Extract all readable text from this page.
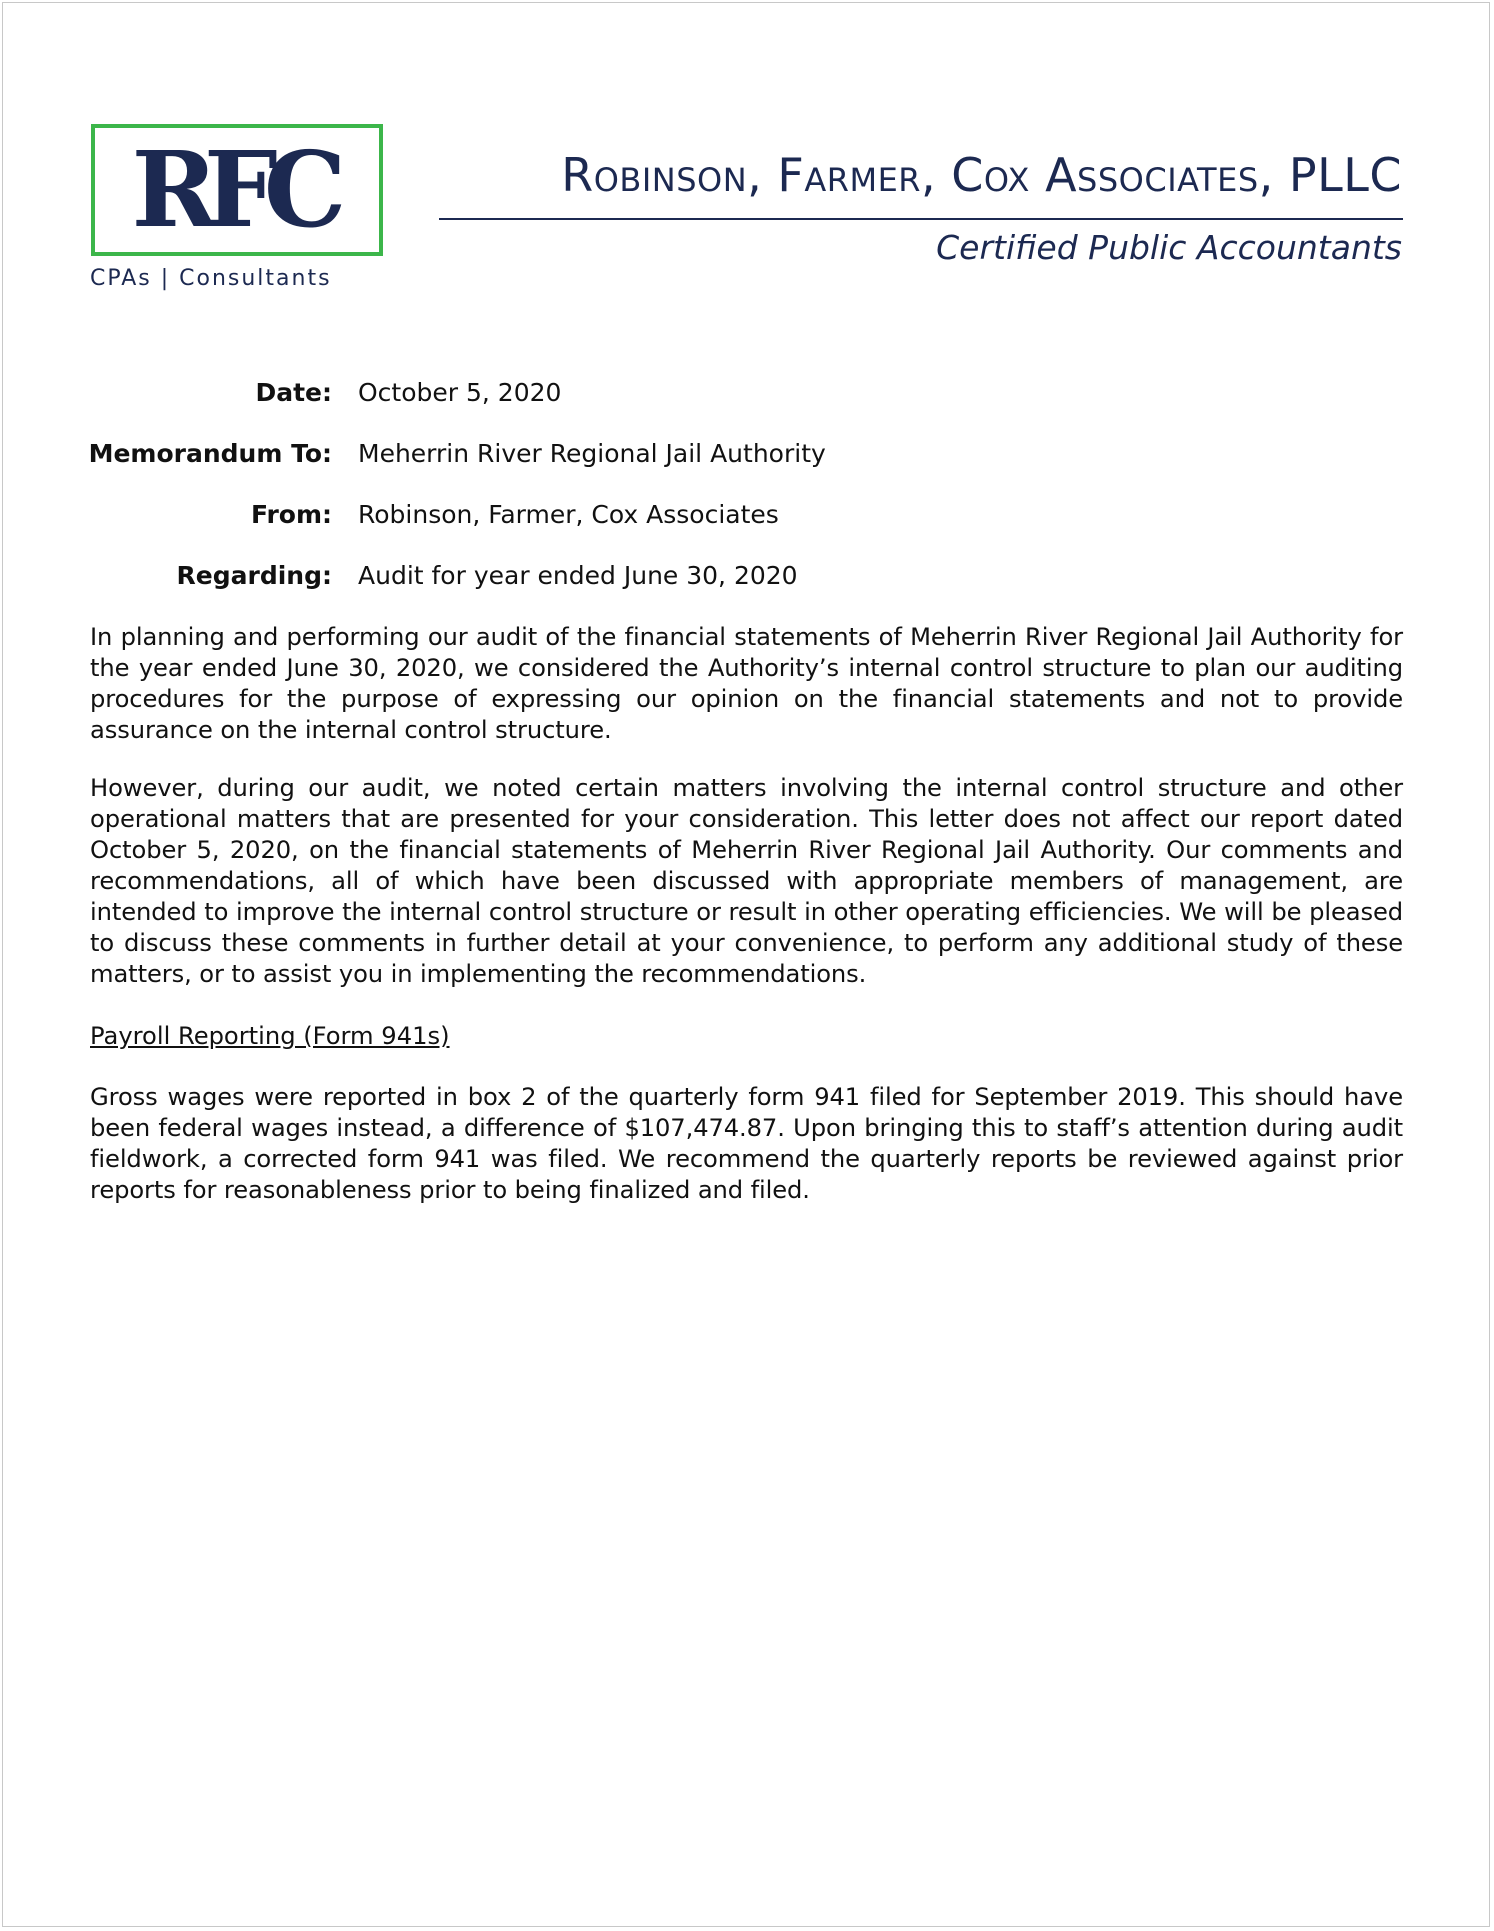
RFC
CPAs | Consultants
Robinson, Farmer, Cox Associates, PLLC
Certified Public Accountants
Date: October 5, 2020
Memorandum To: Meherrin River Regional Jail Authority
From: Robinson, Farmer, Cox Associates
Regarding: Audit for year ended June 30, 2020

In planning and performing our audit of the financial statements of Meherrin River Regional Jail Authority for the year ended June 30, 2020, we considered the Authority’s internal control structure to plan our auditing procedures for the purpose of expressing our opinion on the financial statements and not to provide assurance on the internal control structure.

However, during our audit, we noted certain matters involving the internal control structure and other operational matters that are presented for your consideration. This letter does not affect our report dated October 5, 2020, on the financial statements of Meherrin River Regional Jail Authority. Our comments and recommendations, all of which have been discussed with appropriate members of management, are intended to improve the internal control structure or result in other operating efficiencies. We will be pleased to discuss these comments in further detail at your convenience, to perform any additional study of these matters, or to assist you in implementing the recommendations.

Payroll Reporting (Form 941s)

Gross wages were reported in box 2 of the quarterly form 941 filed for September 2019. This should have been federal wages instead, a difference of $107,474.87. Upon bringing this to staff’s attention during audit fieldwork, a corrected form 941 was filed. We recommend the quarterly reports be reviewed against prior reports for reasonableness prior to being finalized and filed.
